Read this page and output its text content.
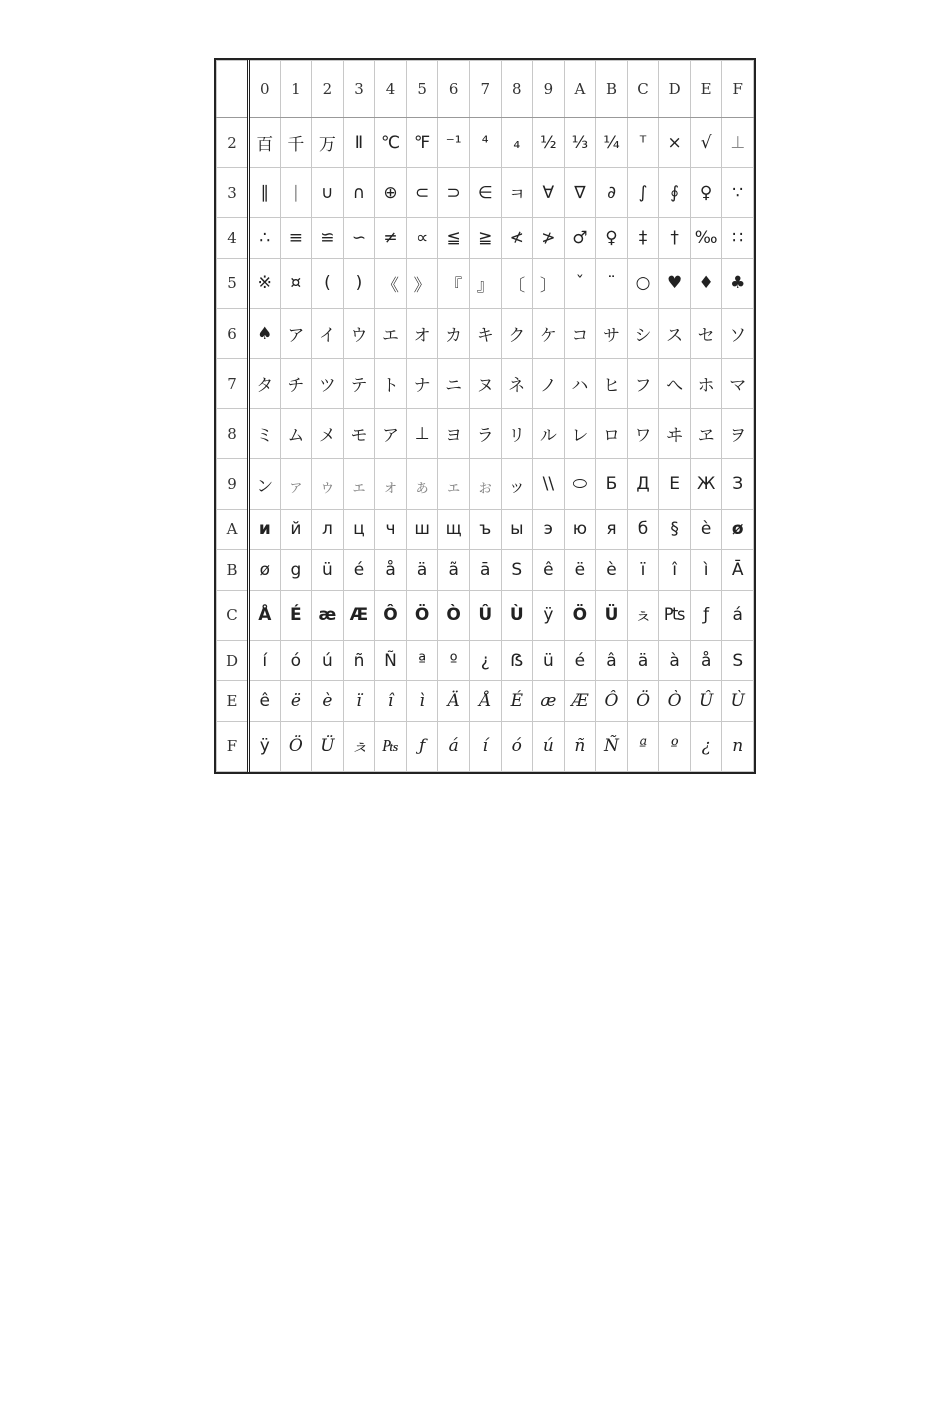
	0	1	2	3	4	5	6	7	8	9	A	B	C	D	E	F
2	百	千	万	Ⅱ	℃	℉	⁻¹	⁴	₄	½	⅓	¼	ᵀ	×	√	⊥
3	∥	∣	∪	∩	⊕	⊂	⊃	∈	ㅋ	∀	∇	∂	∫	∮	♀	∵
4	∴	≡	≌	∽	≠	∝	≦	≧	≮	≯	♂	♀	‡	†	‰	∷
5	※	¤	(	)	《	》	『	』	〔	〕	ˇ	¨	○	♥	♦	♣
6	♠	ア	イ	ウ	エ	オ	カ	キ	ク	ケ	コ	サ	シ	ス	セ	ソ
7	タ	チ	ツ	テ	ト	ナ	ニ	ヌ	ネ	ノ	ハ	ヒ	フ	へ	ホ	マ
8	ミ	ム	メ	モ	ア	⊥	ヨ	ラ	リ	ル	レ	ロ	ワ	ヰ	ヱ	ヲ
9	ン	ァ	ゥ	ェ	ォ	ぁ	ェ	ぉ	ッ	\\	⬭	Б	Д	Е	Ж	З
A	и	й	л	ц	ч	ш	щ	ъ	ы	э	ю	я	б	§	è	ø
B	ø	g	ü	é	å	ä	ã	ā	S	ê	ë	è	ï	î	ì	Ā
C	Å	É	æ	Æ	Ô	Ö	Ò	Û	Ù	ÿ	Ö	Ü	ㅊ	₧	ƒ	á
D	í	ó	ú	ñ	Ñ	ª	º	¿	ẞ	ü	é	â	ä	à	å	S
E	ê	ë	è	ï	î	ì	Ä	Å	É	æ	Æ	Ô	Ö	Ò	Û	Ù
F	ÿ	Ö	Ü	ㅊ	₧	ƒ	á	í	ó	ú	ñ	Ñ	ª	º	¿	n
